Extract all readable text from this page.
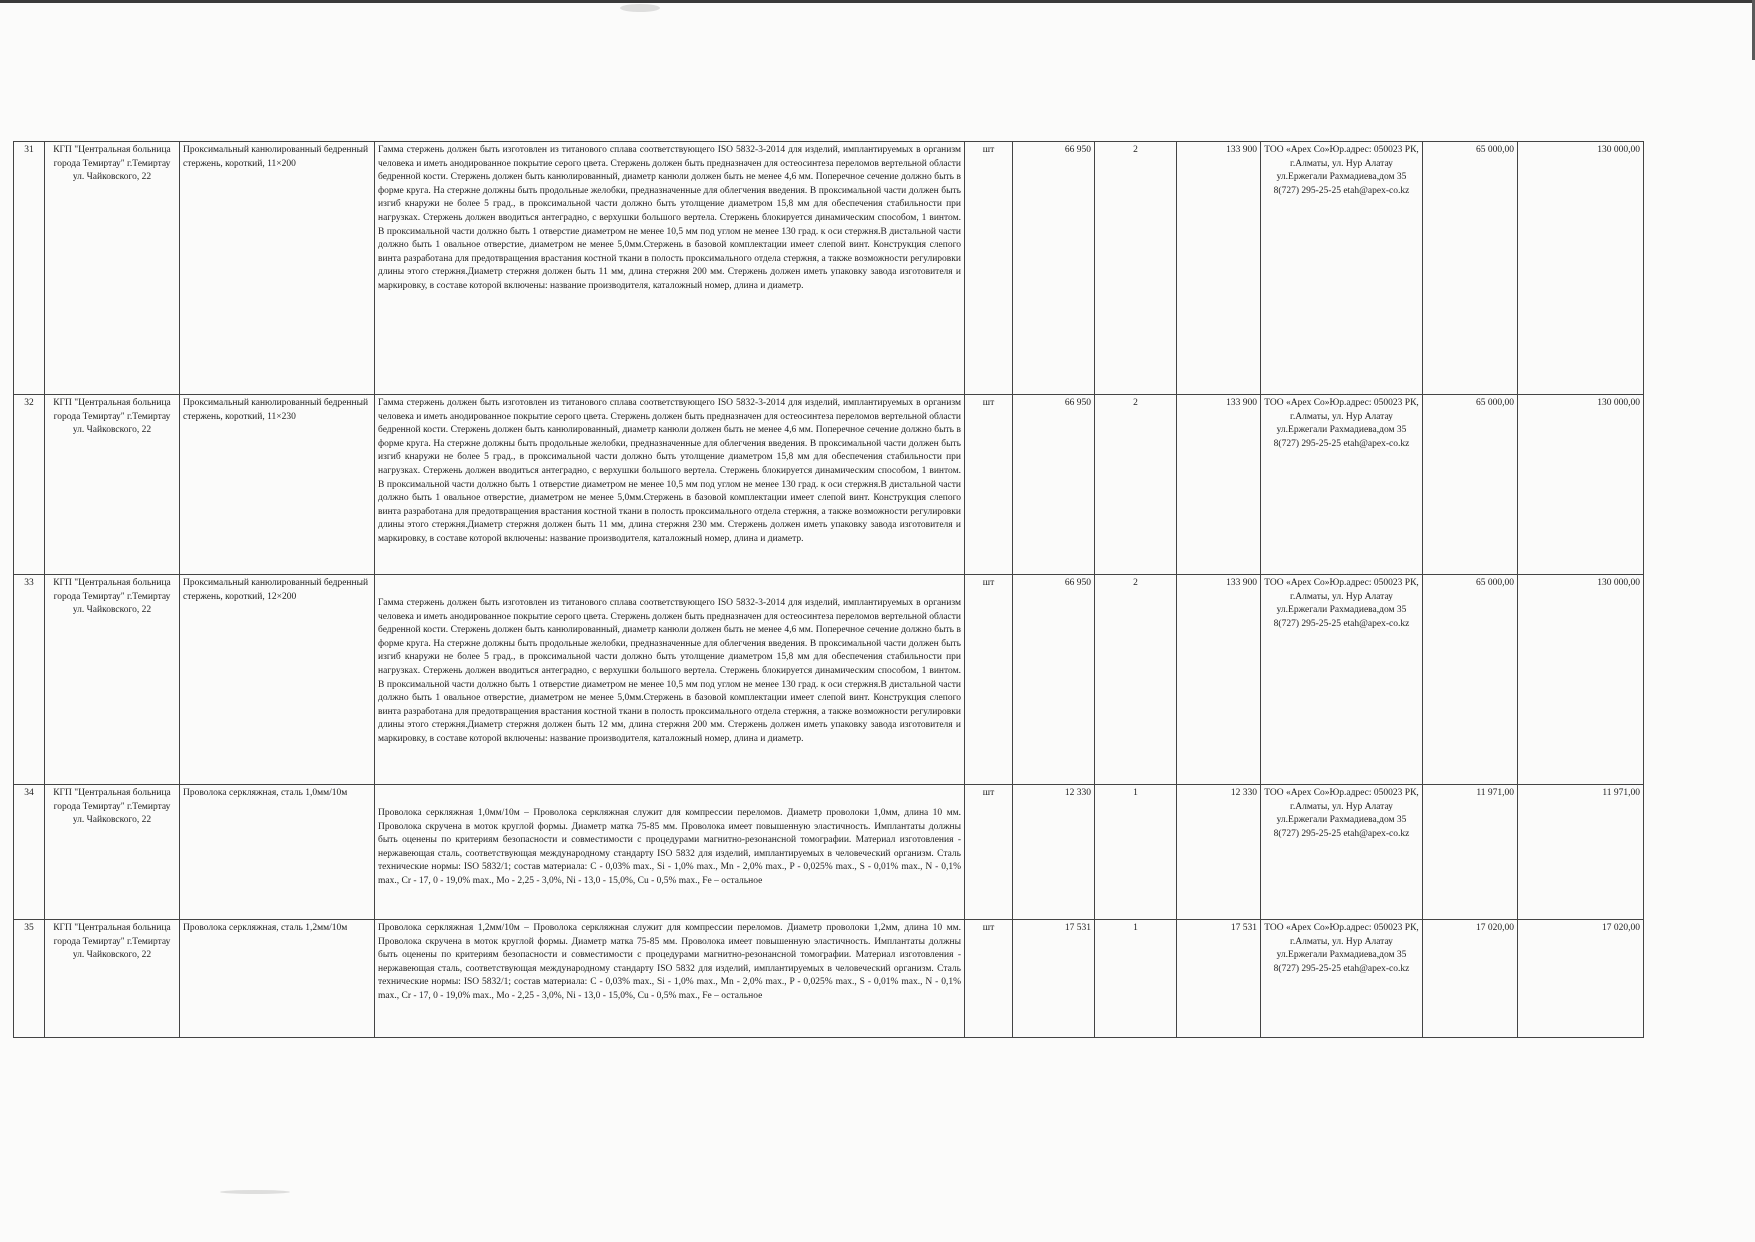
31	КГП "Центральная больница города Темиртау" г.Темиртау ул. Чайковского, 22	Проксимальный канюлированный бедренный стержень, короткий, 11×200	Гамма стержень должен быть изготовлен из титанового сплава соответствующего ISO 5832-3-2014 для изделий, имплантируемых в организм человека и иметь анодированное покрытие серого цвета. Стержень должен быть предназначен для остеосинтеза переломов вертельной области бедренной кости. Стержень должен быть канюлированный, диаметр канюли должен быть не менее 4,6 мм. Поперечное сечение должно быть в форме круга. На стержне должны быть продольные желобки, предназначенные для облегчения введения. В проксимальной части должен быть изгиб кнаружи не более 5 град., в проксимальной части должно быть утолщение диаметром 15,8 мм для обеспечения стабильности при нагрузках. Стержень должен вводиться антеградно, с верхушки большого вертела. Стержень блокируется динамическим способом, 1 винтом. В проксимальной части должно быть 1 отверстие диаметром не менее 10,5 мм под углом не менее 130 град. к оси стержня.В дистальной части должно быть 1 овальное отверстие, диаметром не менее 5,0мм.Стержень в базовой комплектации имеет слепой винт. Конструкция слепого винта разработана для предотвращения врастания костной ткани в полость проксимального отдела стержня, а также возможности регулировки длины этого стержня.Диаметр стержня должен быть 11 мм, длина стержня 200 мм. Стержень должен иметь упаковку завода изготовителя и маркировку, в составе которой включены: название производителя, каталожный номер, длина и диаметр.	шт	66 950	2	133 900	ТОО «Apex Co»Юр.адрес: 050023 РК, г.Алматы, ул. Нур Алатау ул.Ержегали Рахмадиева,дом 35 8(727) 295-25-25 etah@apex-co.kz	65 000,00	130 000,00
32	КГП "Центральная больница города Темиртау" г.Темиртау ул. Чайковского, 22	Проксимальный канюлированный бедренный стержень, короткий, 11×230	Гамма стержень должен быть изготовлен из титанового сплава соответствующего ISO 5832-3-2014 для изделий, имплантируемых в организм человека и иметь анодированное покрытие серого цвета. Стержень должен быть предназначен для остеосинтеза переломов вертельной области бедренной кости. Стержень должен быть канюлированный, диаметр канюли должен быть не менее 4,6 мм. Поперечное сечение должно быть в форме круга. На стержне должны быть продольные желобки, предназначенные для облегчения введения. В проксимальной части должен быть изгиб кнаружи не более 5 град., в проксимальной части должно быть утолщение диаметром 15,8 мм для обеспечения стабильности при нагрузках. Стержень должен вводиться антеградно, с верхушки большого вертела. Стержень блокируется динамическим способом, 1 винтом. В проксимальной части должно быть 1 отверстие диаметром не менее 10,5 мм под углом не менее 130 град. к оси стержня.В дистальной части должно быть 1 овальное отверстие, диаметром не менее 5,0мм.Стержень в базовой комплектации имеет слепой винт. Конструкция слепого винта разработана для предотвращения врастания костной ткани в полость проксимального отдела стержня, а также возможности регулировки длины этого стержня.Диаметр стержня должен быть 11 мм, длина стержня 230 мм. Стержень должен иметь упаковку завода изготовителя и маркировку, в составе которой включены: название производителя, каталожный номер, длина и диаметр.	шт	66 950	2	133 900	ТОО «Apex Co»Юр.адрес: 050023 РК, г.Алматы, ул. Нур Алатау ул.Ержегали Рахмадиева,дом 35 8(727) 295-25-25 etah@apex-co.kz	65 000,00	130 000,00
33	КГП "Центральная больница города Темиртау" г.Темиртау ул. Чайковского, 22	Проксимальный канюлированный бедренный стержень, короткий, 12×200	Гамма стержень должен быть изготовлен из титанового сплава соответствующего ISO 5832-3-2014 для изделий, имплантируемых в организм человека и иметь анодированное покрытие серого цвета. Стержень должен быть предназначен для остеосинтеза переломов вертельной области бедренной кости. Стержень должен быть канюлированный, диаметр канюли должен быть не менее 4,6 мм. Поперечное сечение должно быть в форме круга. На стержне должны быть продольные желобки, предназначенные для облегчения введения. В проксимальной части должен быть изгиб кнаружи не более 5 град., в проксимальной части должно быть утолщение диаметром 15,8 мм для обеспечения стабильности при нагрузках. Стержень должен вводиться антеградно, с верхушки большого вертела. Стержень блокируется динамическим способом, 1 винтом. В проксимальной части должно быть 1 отверстие диаметром не менее 10,5 мм под углом не менее 130 град. к оси стержня.В дистальной части должно быть 1 овальное отверстие, диаметром не менее 5,0мм.Стержень в базовой комплектации имеет слепой винт. Конструкция слепого винта разработана для предотвращения врастания костной ткани в полость проксимального отдела стержня, а также возможности регулировки длины этого стержня.Диаметр стержня должен быть 12 мм, длина стержня 200 мм. Стержень должен иметь упаковку завода изготовителя и маркировку, в составе которой включены: название производителя, каталожный номер, длина и диаметр.	шт	66 950	2	133 900	ТОО «Apex Co»Юр.адрес: 050023 РК, г.Алматы, ул. Нур Алатау ул.Ержегали Рахмадиева,дом 35 8(727) 295-25-25 etah@apex-co.kz	65 000,00	130 000,00
34	КГП "Центральная больница города Темиртау" г.Темиртау ул. Чайковского, 22	Проволока серкляжная, сталь 1,0мм/10м	Проволока серкляжная 1,0мм/10м – Проволока серкляжная служит для компрессии переломов. Диаметр проволоки 1,0мм, длина 10 мм. Проволока скручена в моток круглой формы. Диаметр матка 75-85 мм. Проволока имеет повышенную эластичность. Имплантаты должны быть оценены по критериям безопасности и совместимости с процедурами магнитно-резонансной томографии. Материал изготовления - нержавеющая сталь, соответствующая международному стандарту ISO 5832 для изделий, имплантируемых в человеческий организм. Сталь технические нормы: ISO 5832/1; состав материала: C - 0,03% max., Si - 1,0% max., Mn - 2,0% max., P - 0,025% max., S - 0,01% max., N - 0,1% max., Cr - 17, 0 - 19,0% max., Mo - 2,25 - 3,0%, Ni - 13,0 - 15,0%, Cu - 0,5% max., Fe – остальное	шт	12 330	1	12 330	ТОО «Apex Co»Юр.адрес: 050023 РК, г.Алматы, ул. Нур Алатау ул.Ержегали Рахмадиева,дом 35 8(727) 295-25-25 etah@apex-co.kz	11 971,00	11 971,00
35	КГП "Центральная больница города Темиртау" г.Темиртау ул. Чайковского, 22	Проволока серкляжная, сталь 1,2мм/10м	Проволока серкляжная 1,2мм/10м – Проволока серкляжная служит для компрессии переломов. Диаметр проволоки 1,2мм, длина 10 мм. Проволока скручена в моток круглой формы. Диаметр матка 75-85 мм. Проволока имеет повышенную эластичность. Имплантаты должны быть оценены по критериям безопасности и совместимости с процедурами магнитно-резонансной томографии. Материал изготовления - нержавеющая сталь, соответствующая международному стандарту ISO 5832 для изделий, имплантируемых в человеческий организм. Сталь технические нормы: ISO 5832/1; состав материала: C - 0,03% max., Si - 1,0% max., Mn - 2,0% max., P - 0,025% max., S - 0,01% max., N - 0,1% max., Cr - 17, 0 - 19,0% max., Mo - 2,25 - 3,0%, Ni - 13,0 - 15,0%, Cu - 0,5% max., Fe – остальное	шт	17 531	1	17 531	ТОО «Apex Co»Юр.адрес: 050023 РК, г.Алматы, ул. Нур Алатау ул.Ержегали Рахмадиева,дом 35 8(727) 295-25-25 etah@apex-co.kz	17 020,00	17 020,00
